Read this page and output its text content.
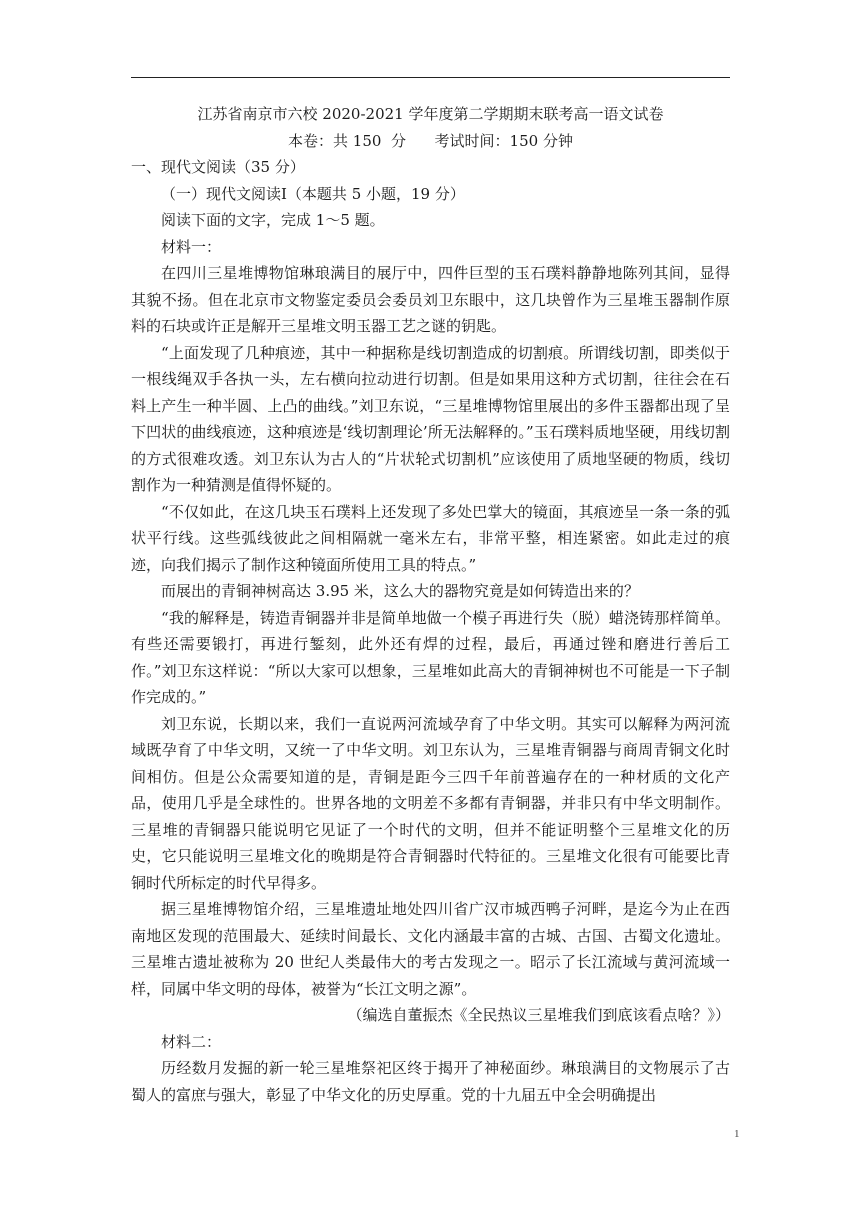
江苏省南京市六校 2020-2021 学年度第二学期期末联考高一语文试卷

本卷：共 150  分      考试时间：150 分钟

一、现代文阅读（35 分）

（一）现代文阅读Ⅰ（本题共 5 小题，19 分）

阅读下面的文字，完成 1～5 题。

材料一：

在四川三星堆博物馆琳琅满目的展厅中，四件巨型的玉石璞料静静地陈列其间，显得其貌不扬。但在北京市文物鉴定委员会委员刘卫东眼中，这几块曾作为三星堆玉器制作原料的石块或许正是解开三星堆文明玉器工艺之谜的钥匙。

“上面发现了几种痕迹，其中一种据称是线切割造成的切割痕。所谓线切割，即类似于一根线绳双手各执一头，左右横向拉动进行切割。但是如果用这种方式切割，往往会在石料上产生一种半圆、上凸的曲线。”刘卫东说，“三星堆博物馆里展出的多件玉器都出现了呈下凹状的曲线痕迹，这种痕迹是‘线切割理论’所无法解释的。”玉石璞料质地坚硬，用线切割的方式很难攻透。刘卫东认为古人的“片状轮式切割机”应该使用了质地坚硬的物质，线切割作为一种猜测是值得怀疑的。

“不仅如此，在这几块玉石璞料上还发现了多处巴掌大的镜面，其痕迹呈一条一条的弧状平行线。这些弧线彼此之间相隔就一毫米左右，非常平整，相连紧密。如此走过的痕迹，向我们揭示了制作这种镜面所使用工具的特点。”

而展出的青铜神树高达 3.95 米，这么大的器物究竟是如何铸造出来的？

“我的解释是，铸造青铜器并非是简单地做一个模子再进行失（脱）蜡浇铸那样简单。有些还需要锻打，再进行錾刻，此外还有焊的过程，最后，再通过锉和磨进行善后工作。”刘卫东这样说：“所以大家可以想象，三星堆如此高大的青铜神树也不可能是一下子制作完成的。”

刘卫东说，长期以来，我们一直说两河流域孕育了中华文明。其实可以解释为两河流域既孕育了中华文明，又统一了中华文明。刘卫东认为，三星堆青铜器与商周青铜文化时间相仿。但是公众需要知道的是，青铜是距今三四千年前普遍存在的一种材质的文化产品，使用几乎是全球性的。世界各地的文明差不多都有青铜器，并非只有中华文明制作。三星堆的青铜器只能说明它见证了一个时代的文明，但并不能证明整个三星堆文化的历史，它只能说明三星堆文化的晚期是符合青铜器时代特征的。三星堆文化很有可能要比青铜时代所标定的时代早得多。

据三星堆博物馆介绍，三星堆遗址地处四川省广汉市城西鸭子河畔，是迄今为止在西南地区发现的范围最大、延续时间最长、文化内涵最丰富的古城、古国、古蜀文化遗址。三星堆古遗址被称为 20 世纪人类最伟大的考古发现之一。昭示了长江流域与黄河流域一样，同属中华文明的母体，被誉为“长江文明之源”。

（编选自董振杰《全民热议三星堆我们到底该看点啥？》）

材料二：

历经数月发掘的新一轮三星堆祭祀区终于揭开了神秘面纱。琳琅满目的文物展示了古蜀人的富庶与强大，彰显了中华文化的历史厚重。党的十九届五中全会明确提出

1
